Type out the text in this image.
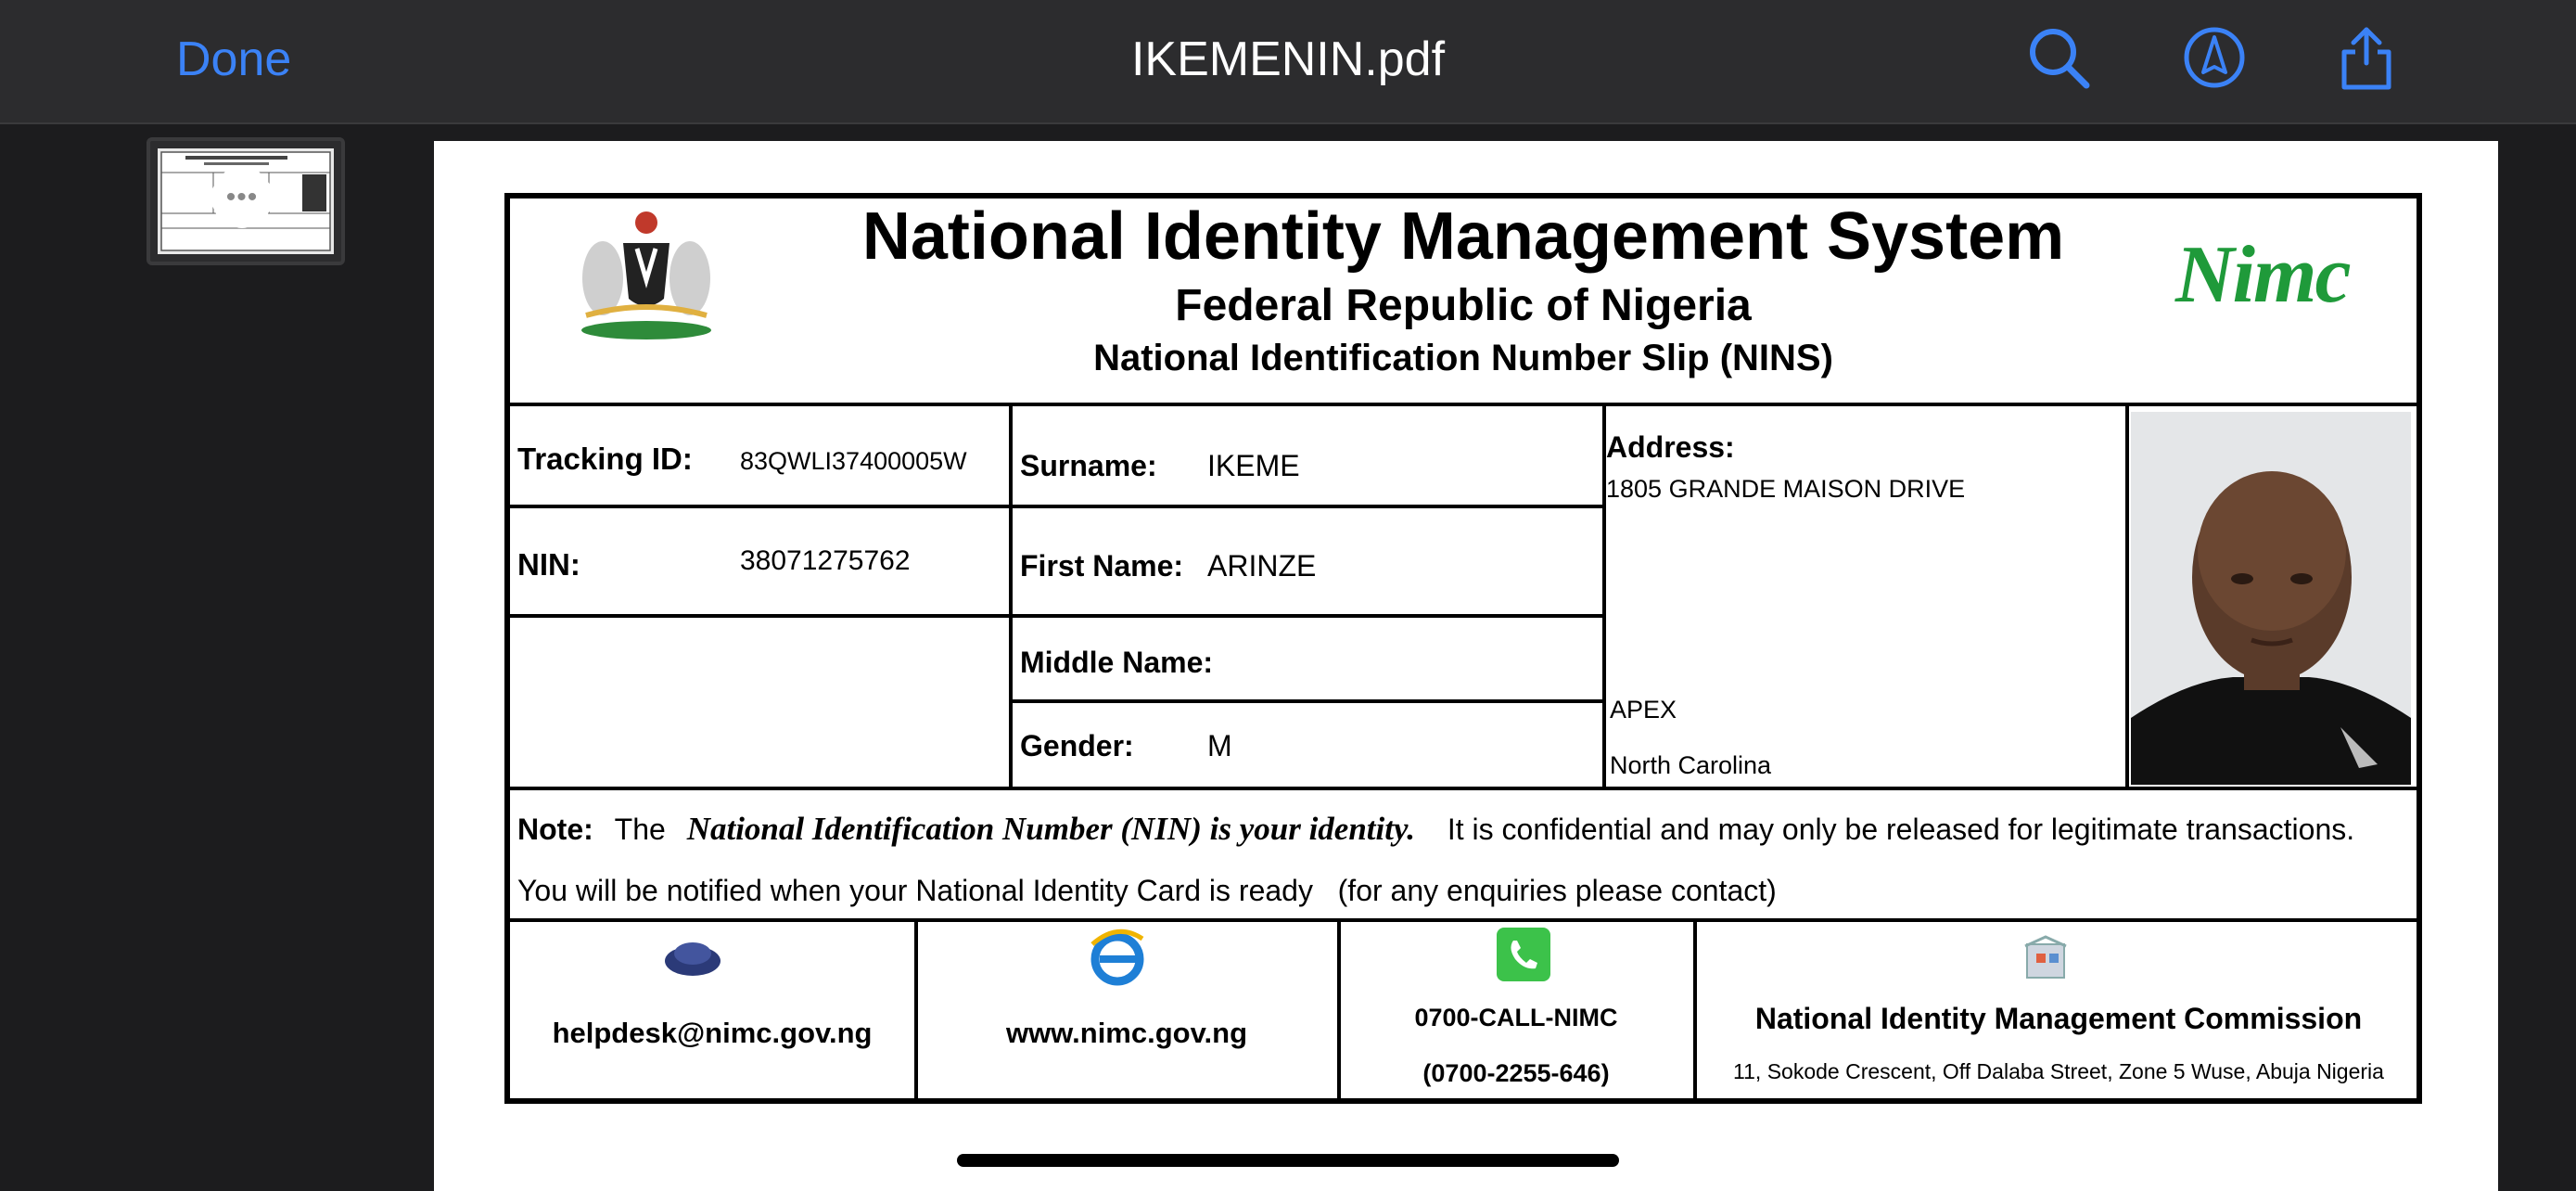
Done	IKEMENIN.pdf
•••
National Identity Management System
Federal Republic of Nigeria
National Identification Number Slip (NINS)
Nimc
Tracking ID: 83QWLI37400005W
NIN:	38071275762
Surname: IKEME
First Name: ARINZE
Middle Name:
Gender: M
Address:
1805 GRANDE MAISON DRIVE
APEX
North Carolina
Note: The National Identification Number (NIN) is your identity. It is confidential and may only be released for legitimate transactions.
You will be notified when your National Identity Card is ready   (for any enquiries please contact)
helpdesk@nimc.gov.ng	www.nimc.gov.ng	0700-CALL-NIMC
(0700-2255-646)
National Identity Management Commission
11, Sokode Crescent, Off Dalaba Street, Zone 5 Wuse, Abuja Nigeria
